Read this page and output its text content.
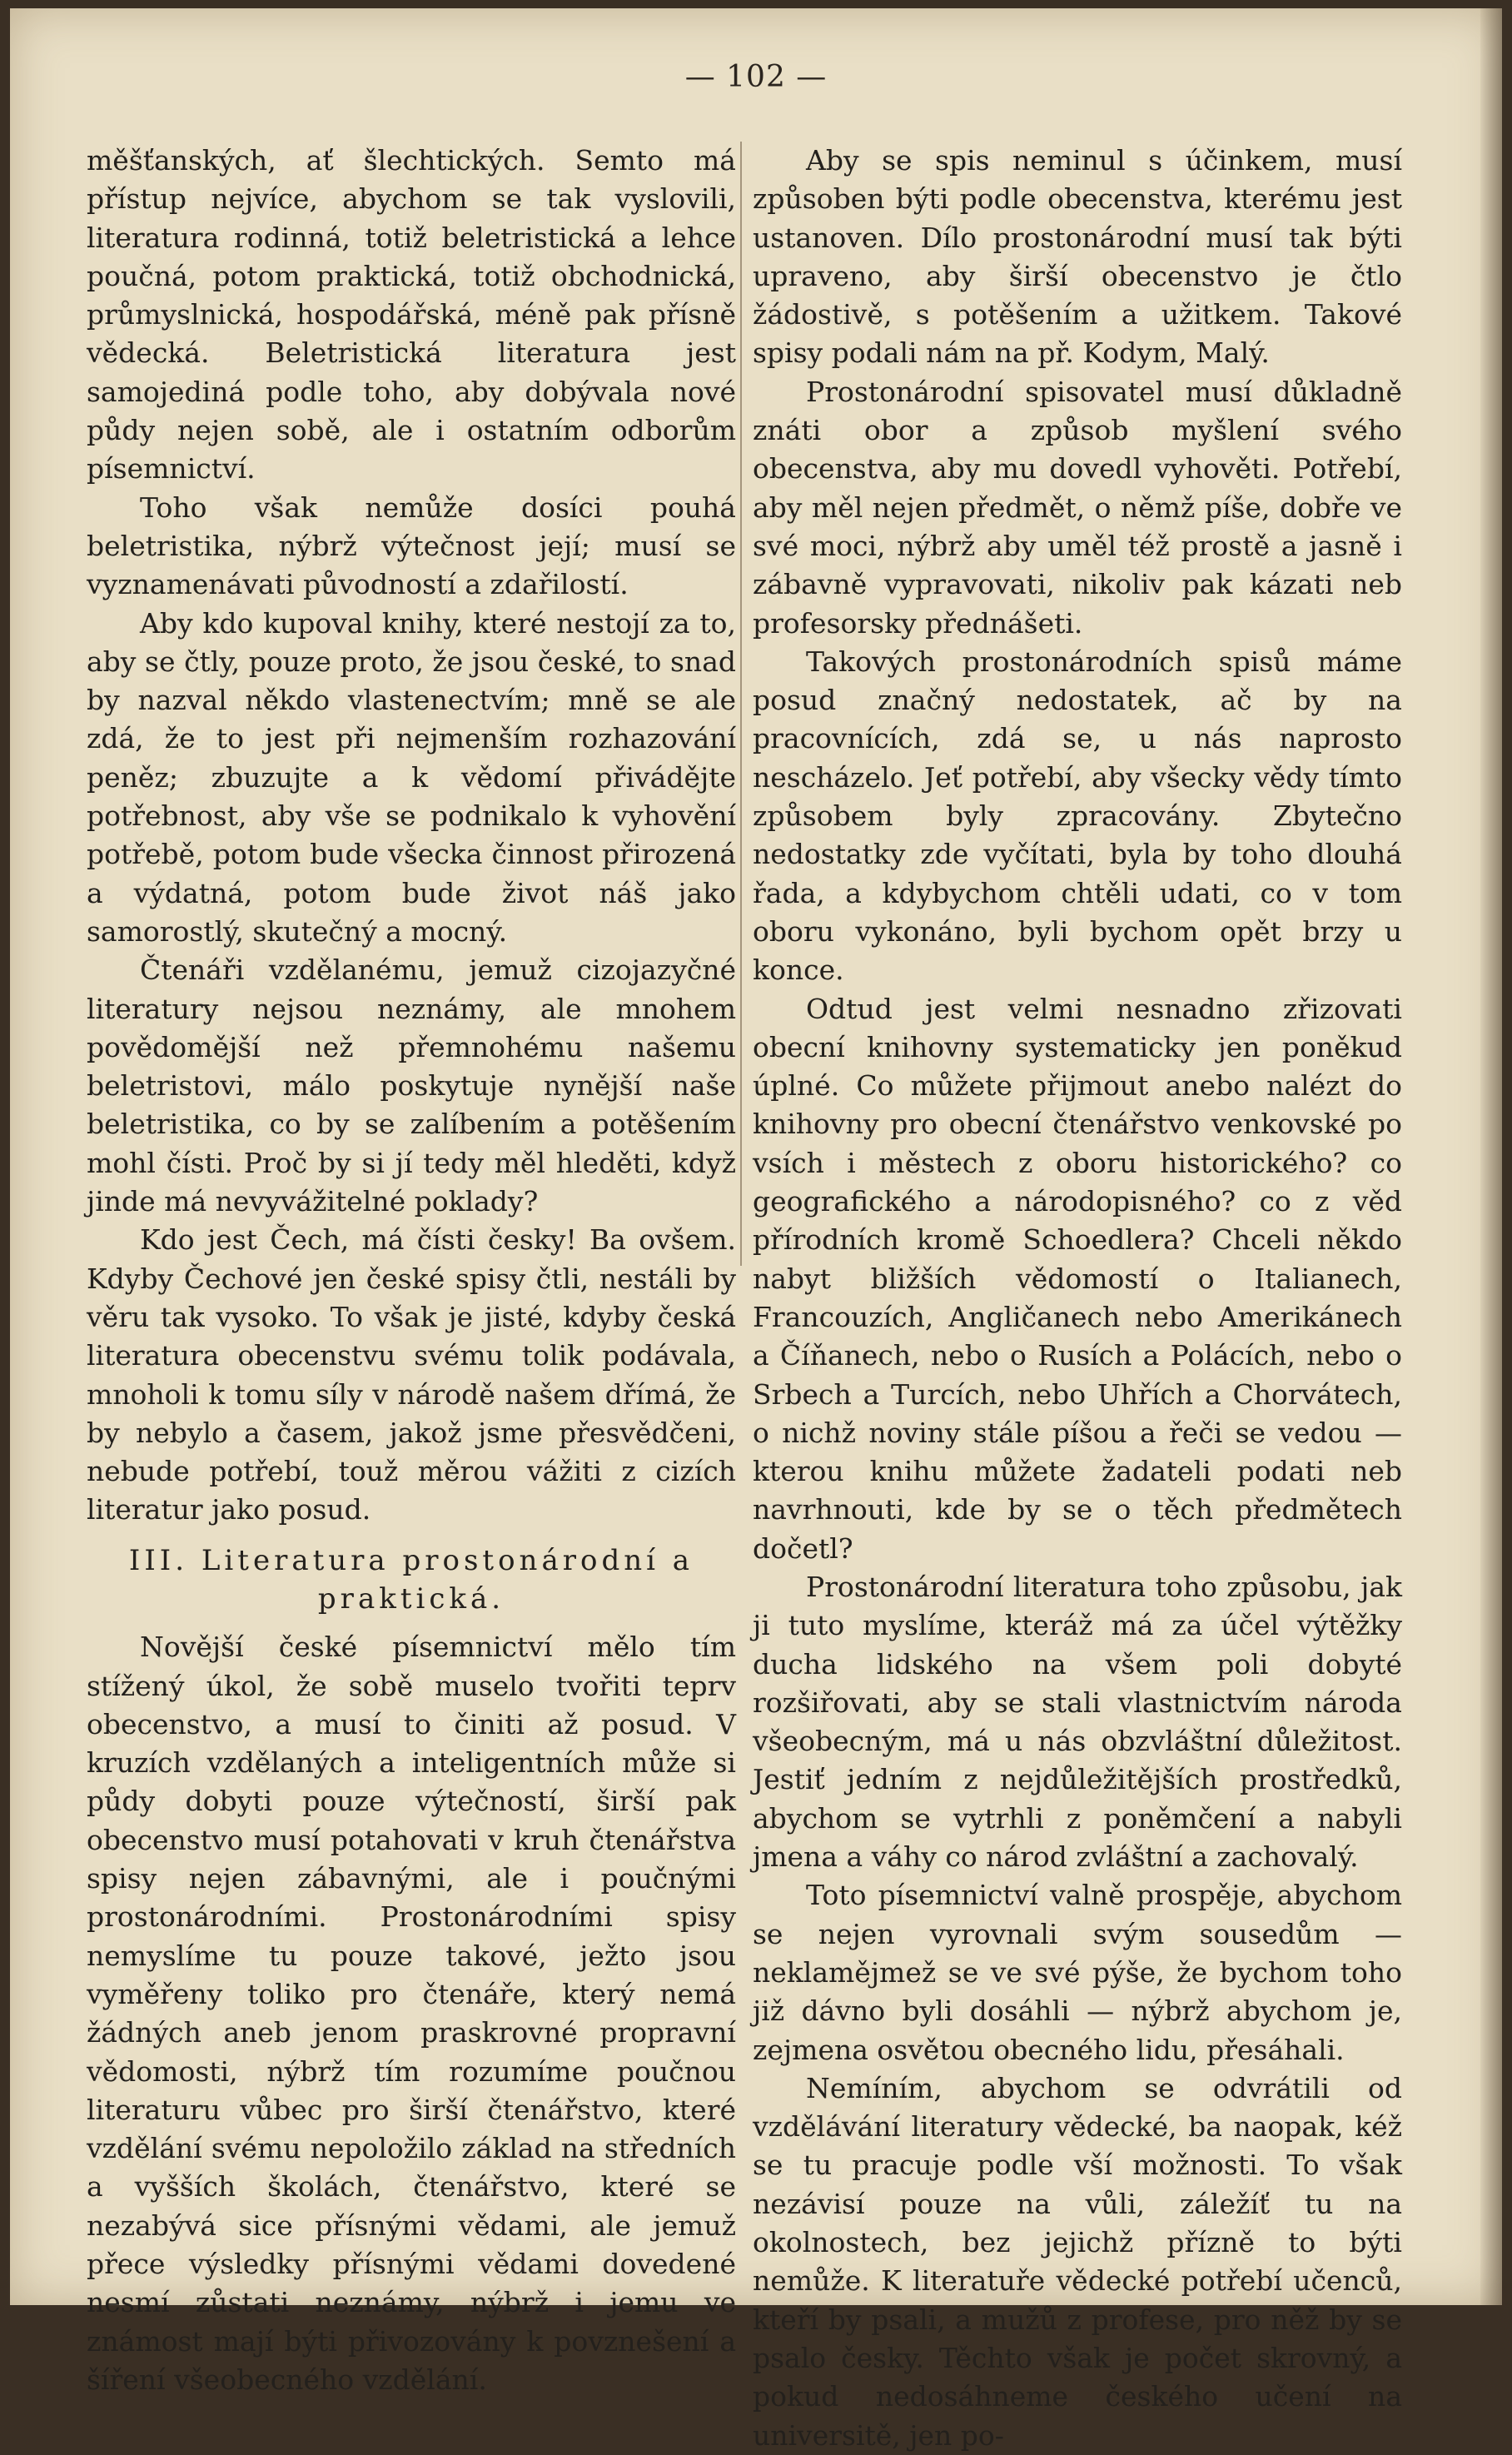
— 102 —

měšťanských, ať šlechtických. Semto má přístup nejvíce, abychom se tak vyslovili, literatura rodinná, totiž beletristická a lehce poučná, potom praktická, totiž obchodnická, průmyslnická, hospodářská, méně pak přísně vědecká. Beletristická literatura jest samojediná podle toho, aby dobývala nové půdy nejen sobě, ale i ostatním odborům písemnictví.

Toho však nemůže dosíci pouhá beletristika, nýbrž výtečnost její; musí se vyznamenávati původností a zdařilostí.

Aby kdo kupoval knihy, které nestojí za to, aby se čtly, pouze proto, že jsou české, to snad by nazval někdo vlastenectvím; mně se ale zdá, že to jest při nejmenším rozhazování peněz; zbuzujte a k vědomí přivádějte potřebnost, aby vše se podnikalo k vyhovění potřebě, potom bude všecka činnost přirozená a výdatná, potom bude život náš jako samorostlý, skutečný a mocný.

Čtenáři vzdělanému, jemuž cizojazyčné literatury nejsou neznámy, ale mnohem povědomější než přemnohému našemu beletristovi, málo poskytuje nynější naše beletristika, co by se zalíbením a potěšením mohl čísti. Proč by si jí tedy měl hleděti, když jinde má nevyvážitelné poklady?

Kdo jest Čech, má čísti česky! Ba ovšem. Kdyby Čechové jen české spisy čtli, nestáli by věru tak vysoko. To však je jisté, kdyby česká literatura obecenstvu svému tolik podávala, mnoholi k tomu síly v národě našem dřímá, že by nebylo a časem, jakož jsme přesvědčeni, nebude potřebí, touž měrou vážiti z cizích literatur jako posud.

III. Literatura prostonárodní a praktická.

Novější české písemnictví mělo tím stížený úkol, že sobě muselo tvořiti teprv obecenstvo, a musí to činiti až posud. V kruzích vzdělaných a inteligentních může si půdy dobyti pouze výtečností, širší pak obecenstvo musí potahovati v kruh čtenářstva spisy nejen zábavnými, ale i poučnými prostonárodními. Prostonárodními spisy nemyslíme tu pouze takové, ježto jsou vyměřeny toliko pro čtenáře, který nemá žádných aneb jenom praskrovné propravní vědomosti, nýbrž tím rozumíme poučnou literaturu vůbec pro širší čtenářstvo, které vzdělání svému nepoložilo základ na středních a vyšších školách, čtenářstvo, které se nezabývá sice přísnými vědami, ale jemuž přece výsledky přísnými vědami dovedené nesmí zůstati neznámy, nýbrž i jemu ve známost mají býti přivozovány k povznešení a šíření všeobecného vzdělání.

Aby se spis neminul s účinkem, musí způsoben býti podle obecenstva, kterému jest ustanoven. Dílo prostonárodní musí tak býti upraveno, aby širší obecenstvo je čtlo žádostivě, s potěšením a užitkem. Takové spisy podali nám na př. Kodym, Malý.

Prostonárodní spisovatel musí důkladně znáti obor a způsob myšlení svého obecenstva, aby mu dovedl vyhověti. Potřebí, aby měl nejen předmět, o němž píše, dobře ve své moci, nýbrž aby uměl též prostě a jasně i zábavně vypravovati, nikoliv pak kázati neb profesorsky přednášeti.

Takových prostonárodních spisů máme posud značný nedostatek, ač by na pracovnících, zdá se, u nás naprosto nescházelo. Jeť potřebí, aby všecky vědy tímto způsobem byly zpracovány. Zbytečno nedostatky zde vyčítati, byla by toho dlouhá řada, a kdybychom chtěli udati, co v tom oboru vykonáno, byli bychom opět brzy u konce.

Odtud jest velmi nesnadno zřizovati obecní knihovny systematicky jen poněkud úplné. Co můžete přijmout anebo nalézt do knihovny pro obecní čtenářstvo venkovské po vsích i městech z oboru historického? co geografického a národopisného? co z věd přírodních kromě Schoedlera? Chceli někdo nabyt bližších vědomostí o Italianech, Francouzích, Angličanech nebo Amerikánech a Číňanech, nebo o Rusích a Polácích, nebo o Srbech a Turcích, nebo Uhřích a Chorvátech, o nichž noviny stále píšou a řeči se vedou — kterou knihu můžete žadateli podati neb navrhnouti, kde by se o těch předmětech dočetl?

Prostonárodní literatura toho způsobu, jak ji tuto myslíme, kteráž má za účel výtěžky ducha lidského na všem poli dobyté rozšiřovati, aby se stali vlastnictvím národa všeobecným, má u nás obzvláštní důležitost. Jestiť jedním z nejdůležitějších prostředků, abychom se vytrhli z poněmčení a nabyli jmena a váhy co národ zvláštní a zachovalý.

Toto písemnictví valně prospěje, abychom se nejen vyrovnali svým sousedům — neklamějmež se ve své pýše, že bychom toho již dávno byli dosáhli — nýbrž abychom je, zejmena osvětou obecného lidu, přesáhali.

Nemíním, abychom se odvrátili od vzdělávání literatury vědecké, ba naopak, kéž se tu pracuje podle vší možnosti. To však nezávisí pouze na vůli, záležíť tu na okolnostech, bez jejichž přízně to býti nemůže. K literatuře vědecké potřebí učenců, kteří by psali, a mužů z profese, pro něž by se psalo česky. Těchto však je počet skrovný, a pokud nedosáhneme českého učení na universitě, jen po-
